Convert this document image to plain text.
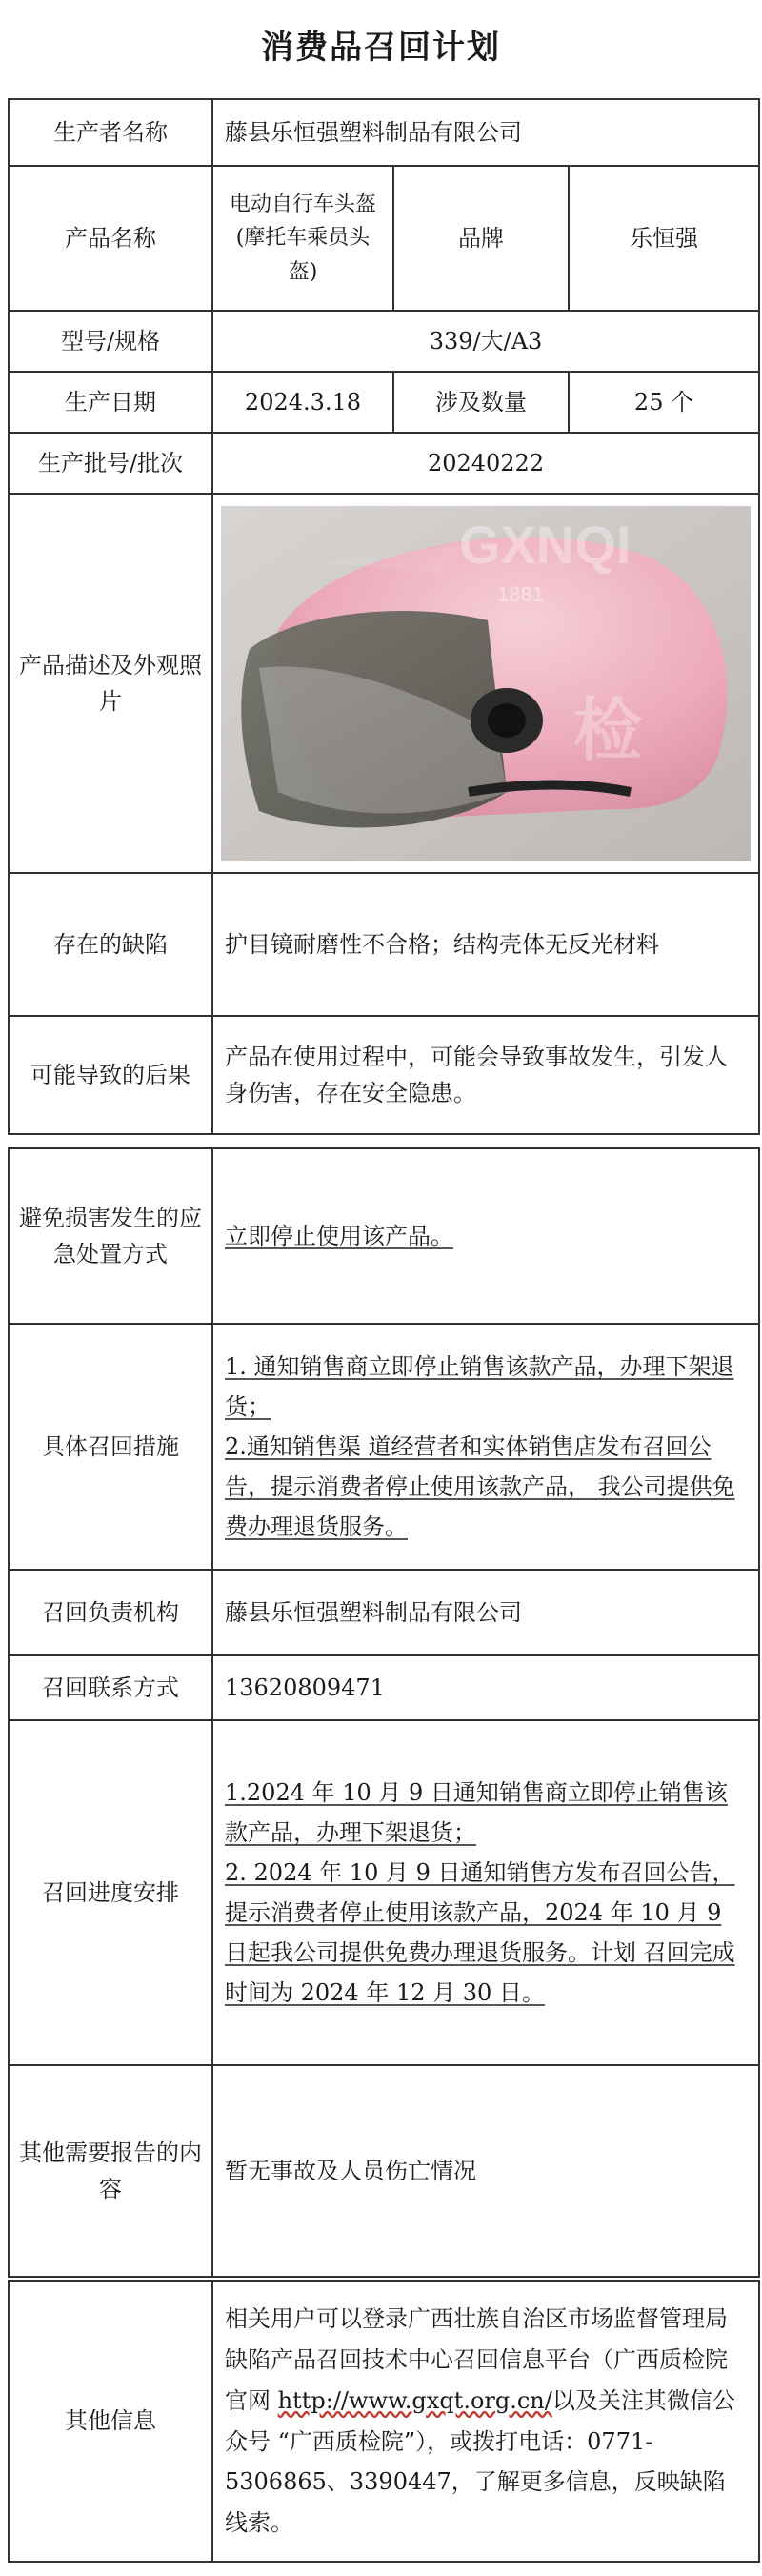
消费品召回计划
生产者名称	藤县乐恒强塑料制品有限公司		
产品名称	电动自行车头盔(摩托车乘员头盔)	品牌	乐恒强
型号/规格	339/大/A3		
生产日期	2024.3.18	涉及数量	25 个
生产批号/批次	20240222		
产品描述及外观照片	GXNQI
1881
检		

存在的缺陷	护目镜耐磨性不合格；结构壳体无反光材料		
可能导致的后果	产品在使用过程中，可能会导致事故发生，引发人身伤害，存在安全隐患。		
避免损害发生的应急处置方式	立即停止使用该产品。
具体召回措施	1. 通知销售商立即停止销售该款产品，办理下架退货；
2.通知销售渠 道经营者和实体销售店发布召回公告，提示消费者停止使用该款产品， 我公司提供免费办理退货服务。

召回负责机构	藤县乐恒强塑料制品有限公司
召回联系方式	13620809471
召回进度安排	1.2024 年 10 月 9 日通知销售商立即停止销售该款产品，办理下架退货；
2. 2024 年 10 月 9 日通知销售方发布召回公告，提示消费者停止使用该款产品，2024 年 10 月 9 日起我公司提供免费办理退货服务。计划 召回完成时间为 2024 年 12 月 30 日。

其他需要报告的内容	暂无事故及人员伤亡情况
其他信息	相关用户可以登录广西壮族自治区市场监督管理局缺陷产品召回技术中心召回信息平台（广西质检院官网 http://www.gxqt.org.cn/以及关注其微信公众号 “广西质检院”），或拨打电话：0771-5306865、3390447，了解更多信息，反映缺陷线索。
